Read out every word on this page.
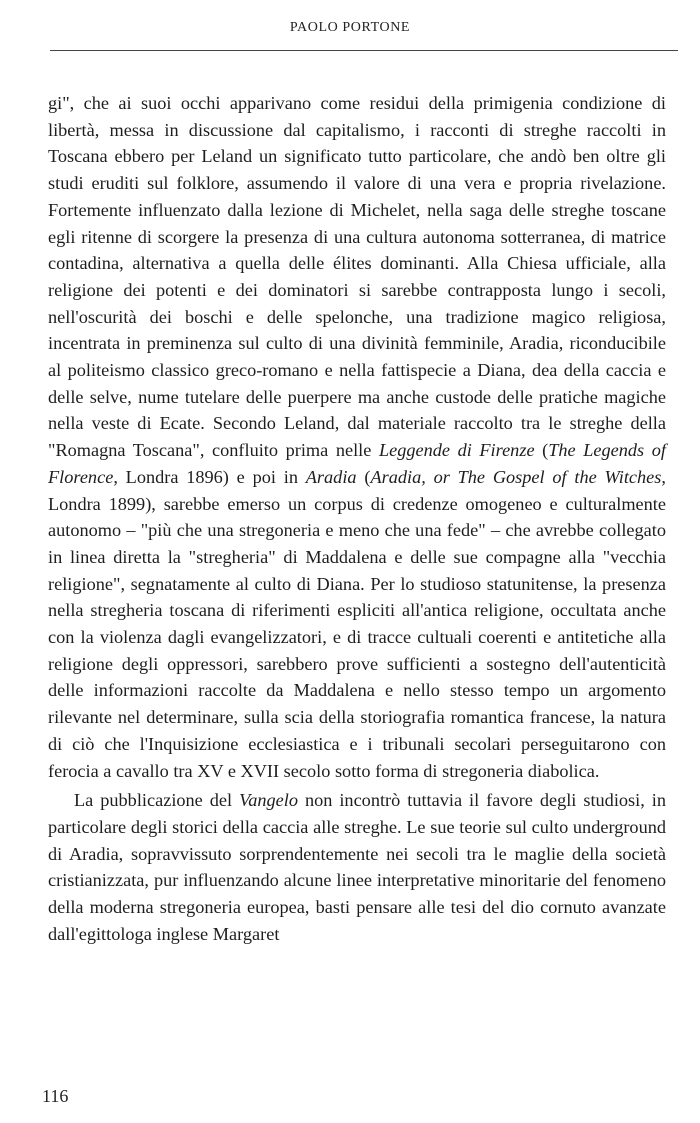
PAOLO PORTONE

gi", che ai suoi occhi apparivano come residui della primigenia condizione di libertà, messa in discussione dal capitalismo, i racconti di streghe raccolti in Toscana ebbero per Leland un significato tutto particolare, che andò ben oltre gli studi eruditi sul folklore, assumendo il valore di una vera e propria rivelazione. Fortemente influenzato dalla lezione di Michelet, nella saga delle streghe toscane egli ritenne di scorgere la presenza di una cultura autonoma sotterranea, di matrice contadina, alternativa a quella delle élites dominanti. Alla Chiesa ufficiale, alla religione dei potenti e dei dominatori si sarebbe contrapposta lungo i secoli, nell'oscurità dei boschi e delle spelonche, una tradizione magico religiosa, incentrata in preminenza sul culto di una divinità femminile, Aradia, riconducibile al politeismo classico greco-romano e nella fattispecie a Diana, dea della caccia e delle selve, nume tutelare delle puerpere ma anche custode delle pratiche magiche nella veste di Ecate. Secondo Leland, dal materiale raccolto tra le streghe della "Romagna Toscana", confluito prima nelle Leggende di Firenze (The Legends of Florence, Londra 1896) e poi in Aradia (Aradia, or The Gospel of the Witches, Londra 1899), sarebbe emerso un corpus di credenze omogeneo e culturalmente autonomo – "più che una stregoneria e meno che una fede" – che avrebbe collegato in linea diretta la "stregheria" di Maddalena e delle sue compagne alla "vecchia religione", segnatamente al culto di Diana. Per lo studioso statunitense, la presenza nella stregheria toscana di riferimenti espliciti all'antica religione, occultata anche con la violenza dagli evangelizzatori, e di tracce cultuali coerenti e antitetiche alla religione degli oppressori, sarebbero prove sufficienti a sostegno dell'autenticità delle informazioni raccolte da Maddalena e nello stesso tempo un argomento rilevante nel determinare, sulla scia della storiografia romantica francese, la natura di ciò che l'Inquisizione ecclesiastica e i tribunali secolari perseguitarono con ferocia a cavallo tra XV e XVII secolo sotto forma di stregoneria diabolica.

La pubblicazione del Vangelo non incontrò tuttavia il favore degli studiosi, in particolare degli storici della caccia alle streghe. Le sue teorie sul culto underground di Aradia, sopravvissuto sorprendentemente nei secoli tra le maglie della società cristianizzata, pur influenzando alcune linee interpretative minoritarie del fenomeno della moderna stregoneria europea, basti pensare alle tesi del dio cornuto avanzate dall'egittologa inglese Margaret

116
